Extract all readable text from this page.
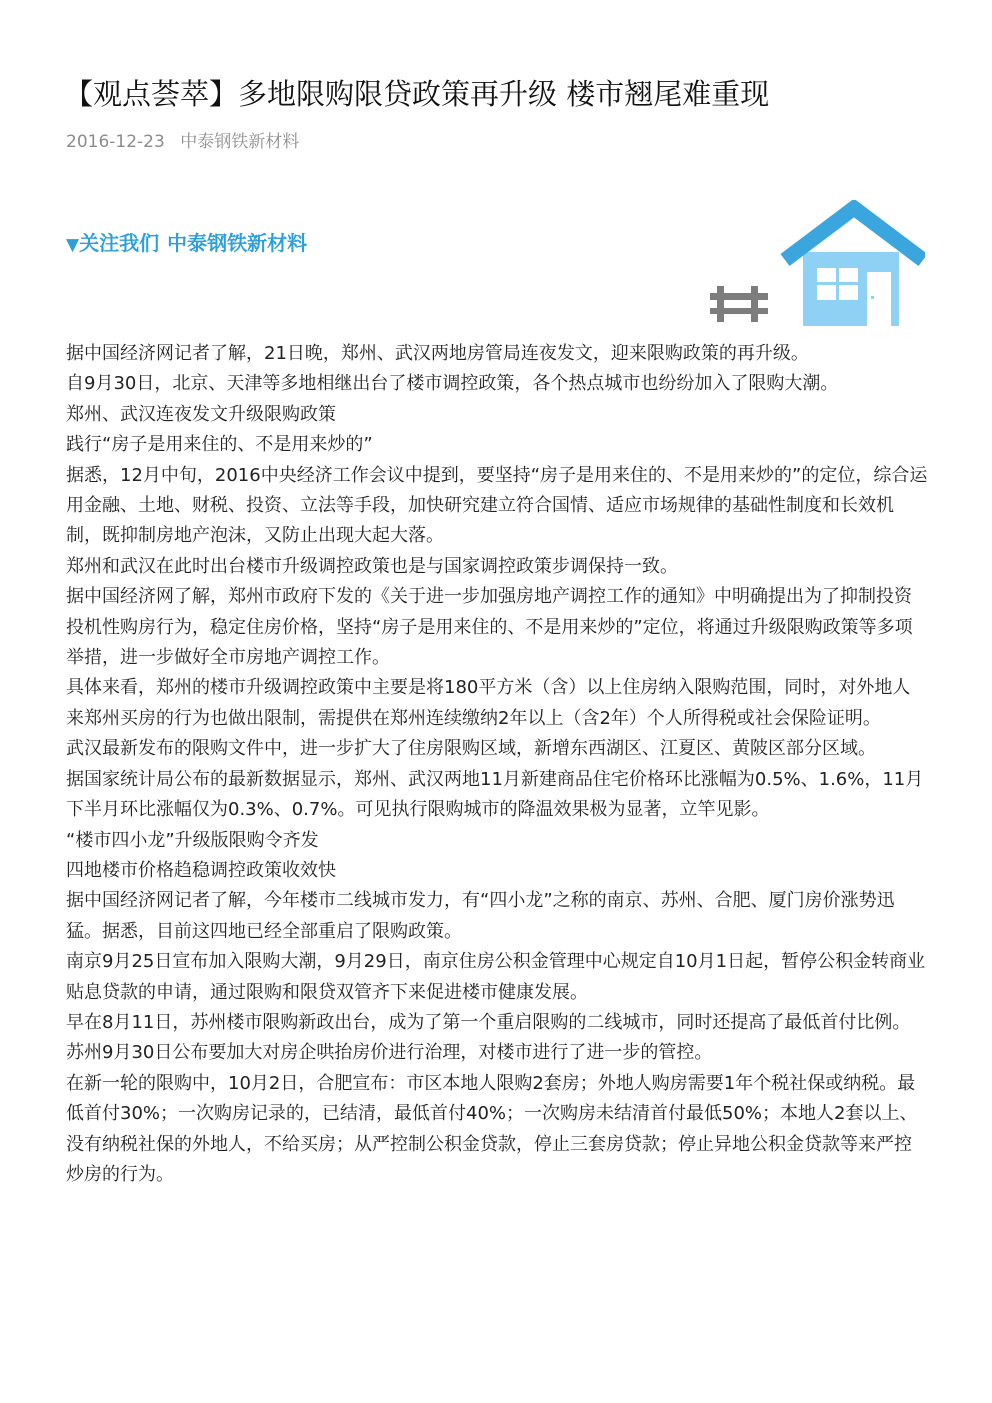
【观点荟萃】多地限购限贷政策再升级 楼市翘尾难重现
2016-12-23 中泰钢铁新材料
▼关注我们 中泰钢铁新材料

据中国经济网记者了解，21日晚，郑州、武汉两地房管局连夜发文，迎来限购政策的再升级。

自9月30日，北京、天津等多地相继出台了楼市调控政策，各个热点城市也纷纷加入了限购大潮。

郑州、武汉连夜发文升级限购政策

践行“房子是用来住的、不是用来炒的”

据悉，12月中旬，2016中央经济工作会议中提到，要坚持“房子是用来住的、不是用来炒的”的定位，综合运用金融、土地、财税、投资、立法等手段，加快研究建立符合国情、适应市场规律的基础性制度和长效机制，既抑制房地产泡沫，又防止出现大起大落。

郑州和武汉在此时出台楼市升级调控政策也是与国家调控政策步调保持一致。

据中国经济网了解，郑州市政府下发的《关于进一步加强房地产调控工作的通知》中明确提出为了抑制投资投机性购房行为，稳定住房价格，坚持“房子是用来住的、不是用来炒的”定位，将通过升级限购政策等多项举措，进一步做好全市房地产调控工作。

具体来看，郑州的楼市升级调控政策中主要是将180平方米（含）以上住房纳入限购范围，同时，对外地人来郑州买房的行为也做出限制，需提供在郑州连续缴纳2年以上（含2年）个人所得税或社会保险证明。

武汉最新发布的限购文件中，进一步扩大了住房限购区域，新增东西湖区、江夏区、黄陂区部分区域。

据国家统计局公布的最新数据显示，郑州、武汉两地11月新建商品住宅价格环比涨幅为0.5%、1.6%，11月下半月环比涨幅仅为0.3%、0.7%。可见执行限购城市的降温效果极为显著，立竿见影。

“楼市四小龙”升级版限购令齐发

四地楼市价格趋稳调控政策收效快

据中国经济网记者了解，今年楼市二线城市发力，有“四小龙”之称的南京、苏州、合肥、厦门房价涨势迅猛。据悉，目前这四地已经全部重启了限购政策。

南京9月25日宣布加入限购大潮，9月29日，南京住房公积金管理中心规定自10月1日起，暂停公积金转商业贴息贷款的申请，通过限购和限贷双管齐下来促进楼市健康发展。

早在8月11日，苏州楼市限购新政出台，成为了第一个重启限购的二线城市，同时还提高了最低首付比例。苏州9月30日公布要加大对房企哄抬房价进行治理，对楼市进行了进一步的管控。

在新一轮的限购中，10月2日，合肥宣布：市区本地人限购2套房；外地人购房需要1年个税社保或纳税。最低首付30%；一次购房记录的，已结清，最低首付40%；一次购房未结清首付最低50%；本地人2套以上、没有纳税社保的外地人，不给买房；从严控制公积金贷款，停止三套房贷款；停止异地公积金贷款等来严控炒房的行为。
